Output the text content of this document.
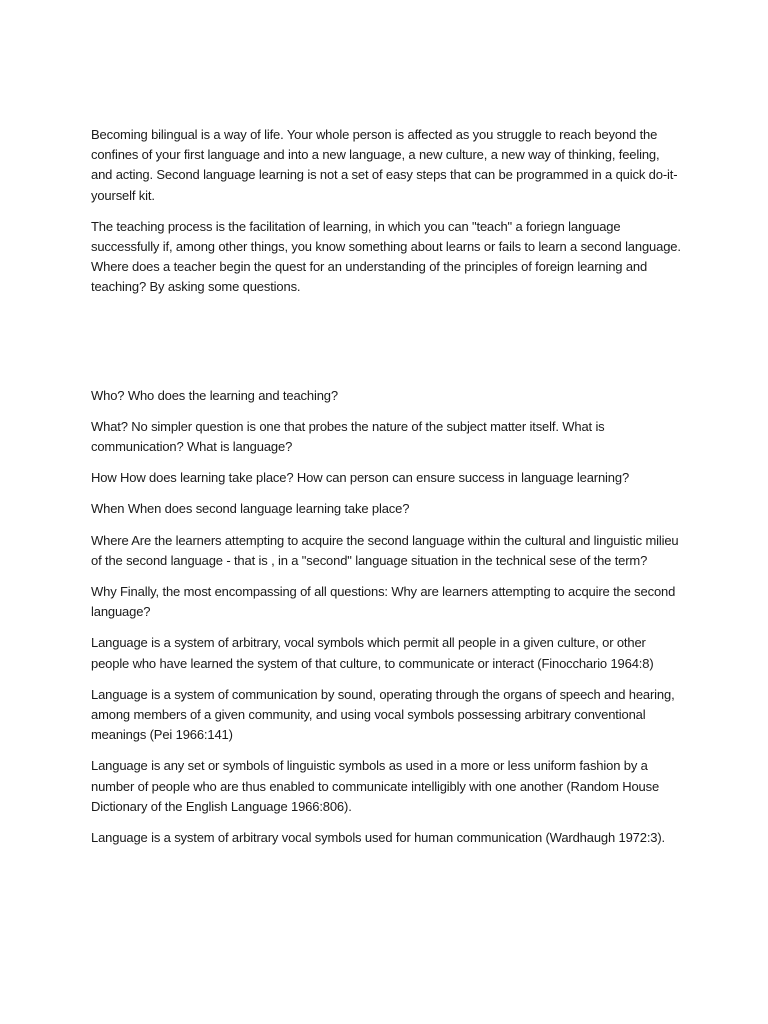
Becoming bilingual is a way of life. Your whole person is affected as you struggle to reach beyond the confines of your first language and into a new language, a new culture, a new way of thinking, feeling, and acting. Second language learning is not a set of easy steps that can be programmed in a quick do-it-yourself kit.

The teaching process is the facilitation of learning, in which you can "teach" a foriegn language successfully if, among other things, you know something about learns or fails to learn a second language. Where does a teacher begin the quest for an understanding of the principles of foreign learning and teaching? By asking some questions.

Who? Who does the learning and teaching?

What? No simpler question is one that probes the nature of the subject matter itself. What is communication? What is language?

How How does learning take place? How can person can ensure success in language learning?

When When does second language learning take place?

Where Are the learners attempting to acquire the second language within the cultural and linguistic milieu of the second language - that is , in a "second" language situation in the technical sese of the term?

Why Finally, the most encompassing of all questions: Why are learners attempting to acquire the second language?

Language is a system of arbitrary, vocal symbols which permit all people in a given culture, or other people who have learned the system of that culture, to communicate or interact (Finocchario 1964:8)

Language is a system of communication by sound, operating through the organs of speech and hearing, among members of a given community, and using vocal symbols possessing arbitrary conventional meanings (Pei 1966:141)

Language is any set or symbols of linguistic symbols as used in a more or less uniform fashion by a number of people who are thus enabled to communicate intelligibly with one another (Random House Dictionary of the English Language 1966:806).

Language is a system of arbitrary vocal symbols used for human communication (Wardhaugh 1972:3).
